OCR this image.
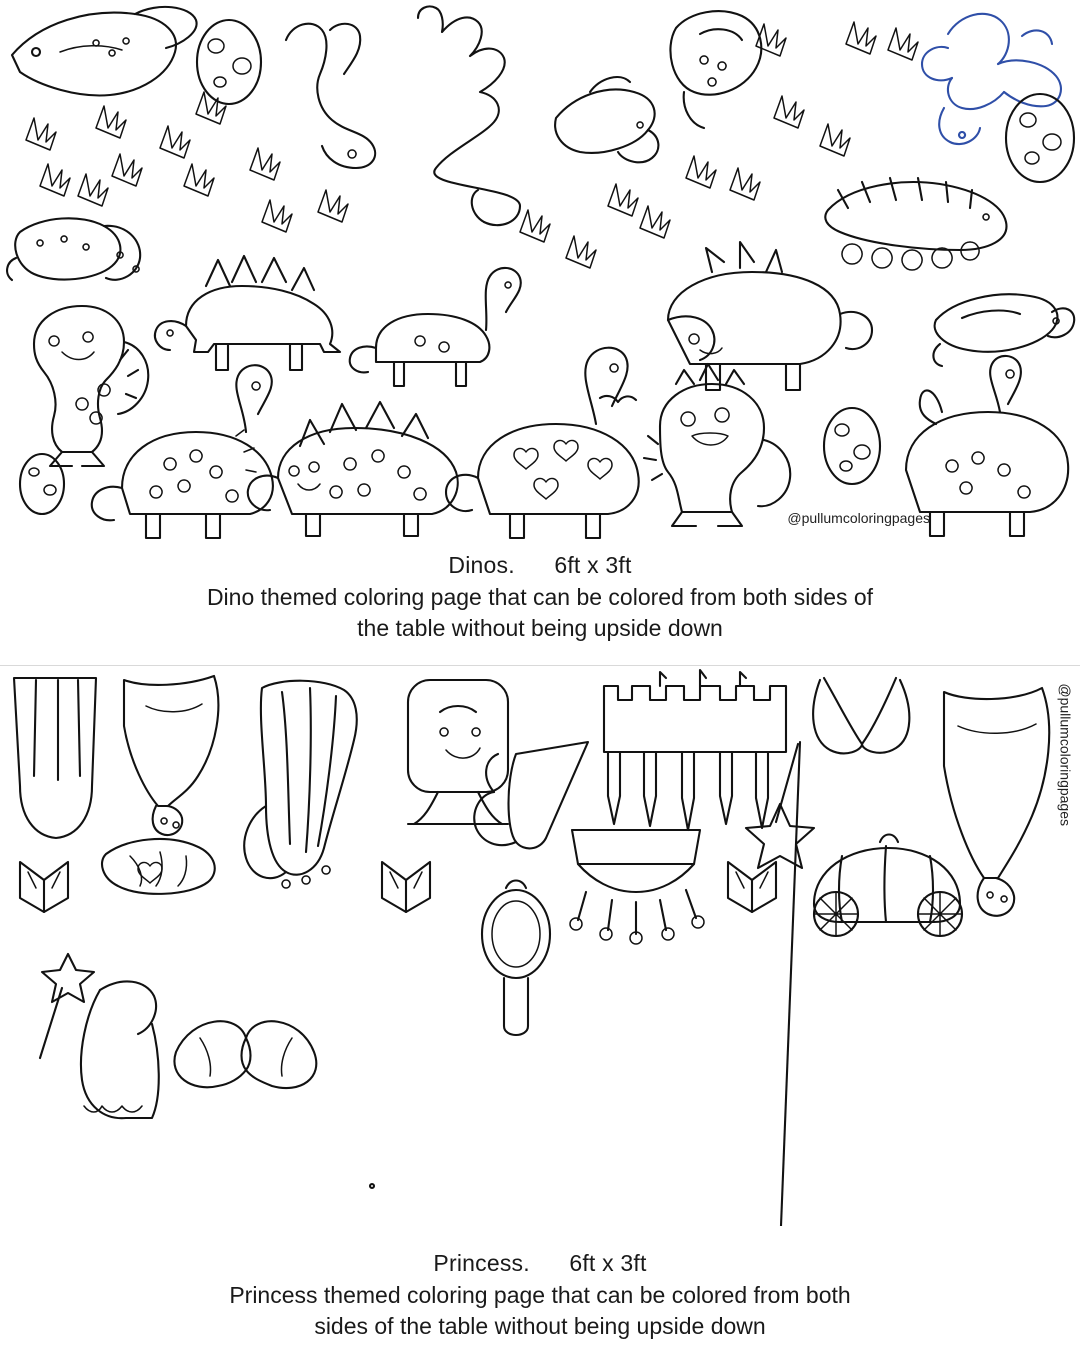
@pullumcoloringpages
Dinos.      6ft x 3ft
Dino themed coloring page that can be colored from both sides of
the table without being upside down
@pullumcoloringpages
Princess.      6ft x 3ft
Princess themed coloring page that can be colored from both
sides of the table without being upside down
